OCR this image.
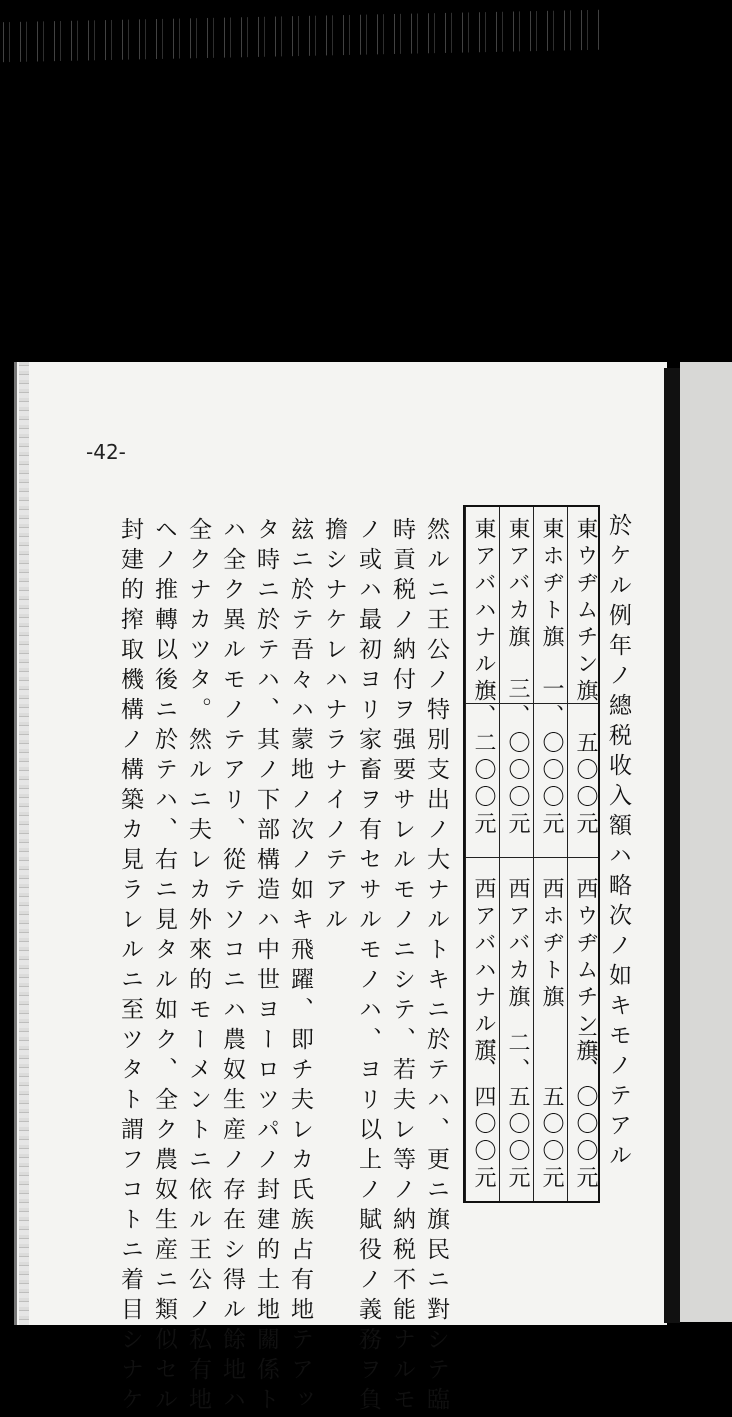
-42-
於ケル例年ノ總税收入額ハ略次ノ如キモノテアル
東ウヂムチン旗
五〇〇元
西ウヂムチン旗
三、〇〇〇元
東ホヂト旗
一、〇〇〇元
西ホヂト旗
五〇〇元
東アバカ旗
三、〇〇〇元
西アバカ旗
二、五〇〇元
東アバハナル旗
一、二〇〇元
西アバハナル旗
一、四〇〇元
然ルニ王公ノ特別支出ノ大ナルトキニ於テハ、更ニ旗民ニ對シテ臨
時貢税ノ納付ヲ强要サレルモノニシテ、若夫レ等ノ納税不能ナルモ
ノ或ハ最初ヨリ家畜ヲ有セサルモノハ、ヨリ以上ノ賦役ノ義務ヲ負
擔シナケレハナラナイノテアル
玆ニ於テ吾々ハ蒙地ノ次ノ如キ飛躍、即チ夫レカ氏族占有地テアッ
タ時ニ於テハ、其ノ下部構造ハ中世ヨーロツパノ封建的土地關係ト
ハ全ク異ルモノテアリ、從テソコニハ農奴生産ノ存在シ得ル餘地ハ
全クナカツタ。然ルニ夫レカ外來的モーメントニ依ル王公ノ私有地
ヘノ推轉以後ニ於テハ、右ニ見タル如ク、全ク農奴生産ニ類似セル
封建的搾取機構ノ構築カ見ラレルニ至ツタト謂フコトニ着目シナケ
